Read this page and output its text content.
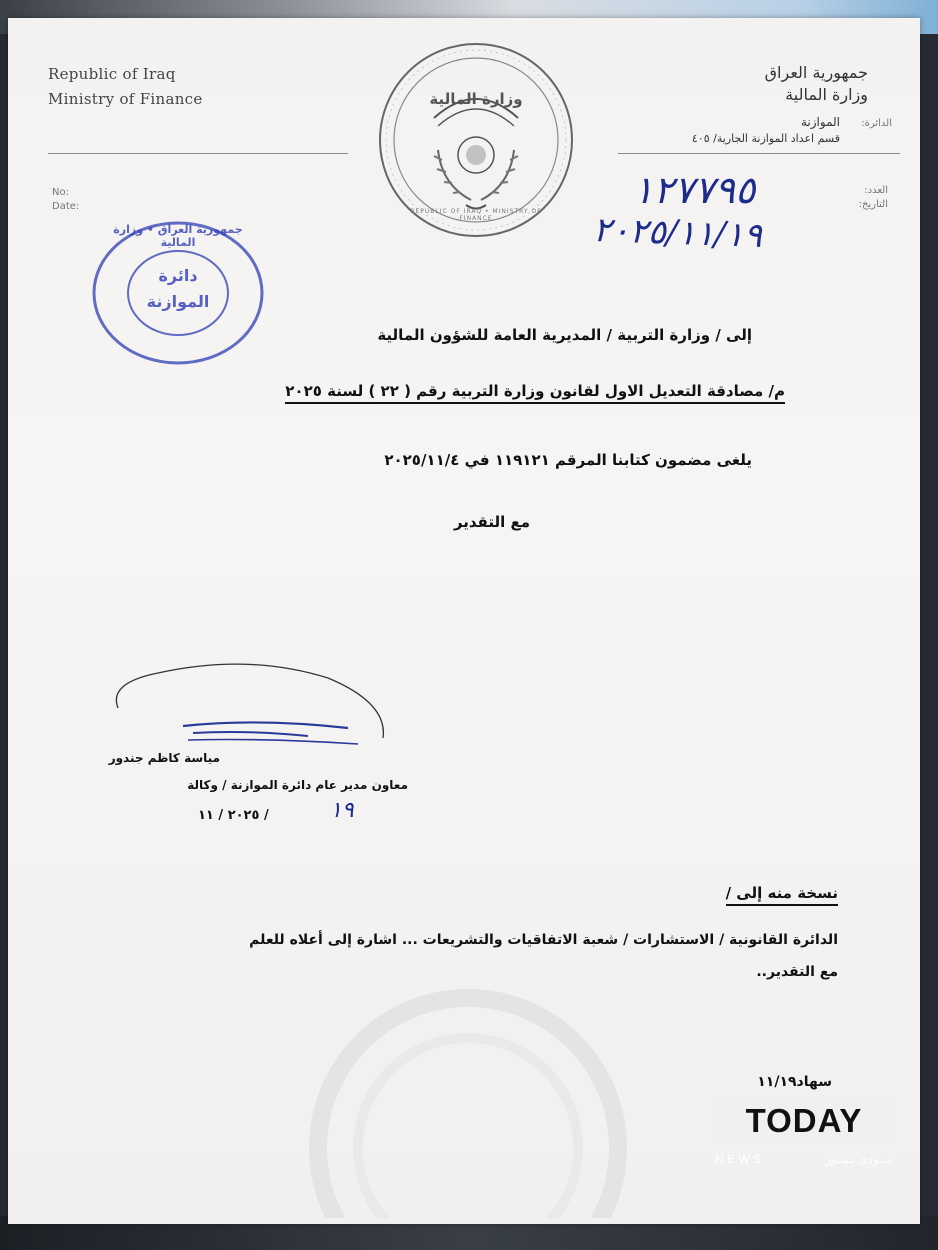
Republic of Iraq
Ministry of Finance
No:
Date:
جمهورية العراق
وزارة المالية
الدائرة:
الموازنة
قسم اعداد الموازنة الجارية/ ٤٠٥
العدد:
التاريخ:
١٢٧٧٩٥
٢٠٢٥/١١/١٩
وزارة المالية
REPUBLIC OF IRAQ • MINISTRY OF FINANCE
جمهورية العراق • وزارة المالية
دائرة
الموازنة
إلى / وزارة التربية / المديرية العامة للشؤون المالية
م/ مصادقة التعديل الاول لقانون وزارة التربية رقم ( ٢٢ ) لسنة ٢٠٢٥
يلغى مضمون كتابنا المرقم ١١٩١٢١ في ٢٠٢٥/١١/٤
مع التقدير
مياسة كاظم جندور
معاون مدير عام دائرة الموازنة / وكالة
٢٠٢٥ / ١١ /	١٩
نسخة منه إلى /
الدائرة القانونية / الاستشارات / شعبة الاتفاقيات والتشريعات ... اشارة إلى أعلاه للعلم
مع التقدير..
سهاد١١/١٩
TODAY
N E W S	تـــودي نـيــوز
